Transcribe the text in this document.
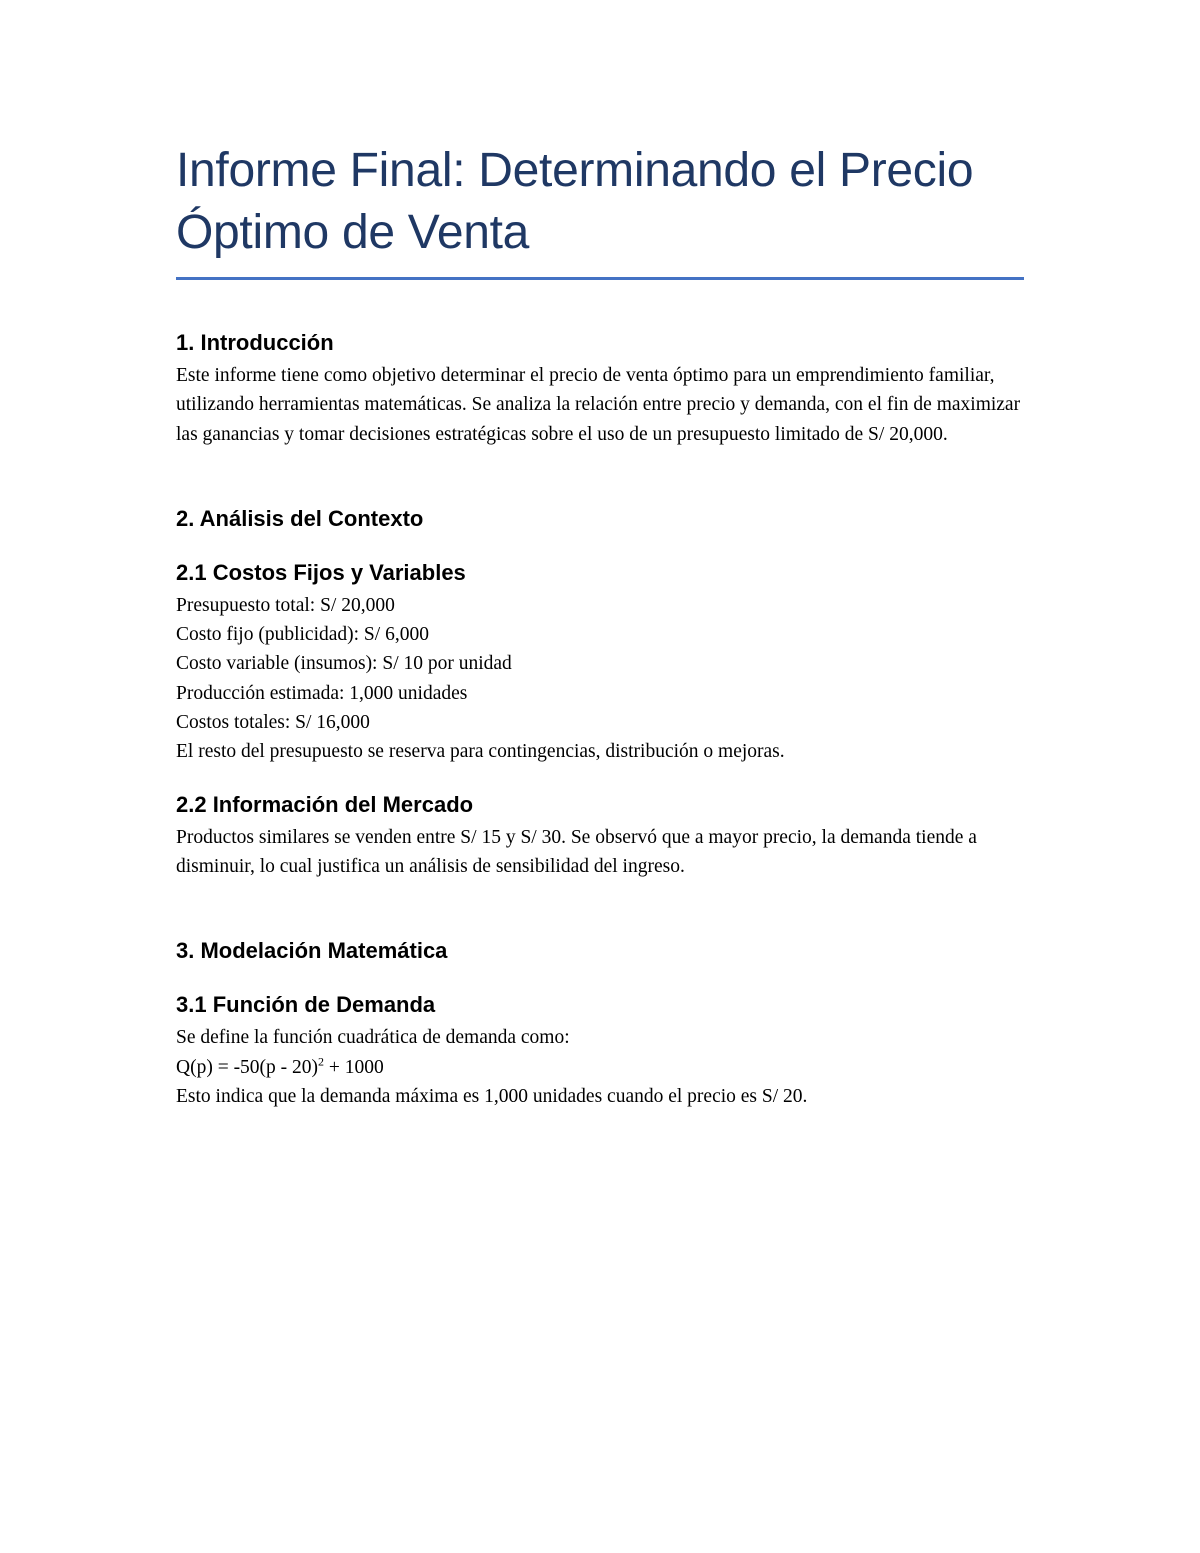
Informe Final: Determinando el Precio Óptimo de Venta
1. Introducción

Este informe tiene como objetivo determinar el precio de venta óptimo para un emprendimiento familiar, utilizando herramientas matemáticas. Se analiza la relación entre precio y demanda, con el fin de maximizar las ganancias y tomar decisiones estratégicas sobre el uso de un presupuesto limitado de S/ 20,000.

2. Análisis del Contexto
2.1 Costos Fijos y Variables
Presupuesto total: S/ 20,000
Costo fijo (publicidad): S/ 6,000
Costo variable (insumos): S/ 10 por unidad
Producción estimada: 1,000 unidades
Costos totales: S/ 16,000
El resto del presupuesto se reserva para contingencias, distribución o mejoras.
2.2 Información del Mercado

Productos similares se venden entre S/ 15 y S/ 30. Se observó que a mayor precio, la demanda tiende a disminuir, lo cual justifica un análisis de sensibilidad del ingreso.

3. Modelación Matemática
3.1 Función de Demanda
Se define la función cuadrática de demanda como:
Q(p) = -50(p - 20)$^2$ + 1000
Esto indica que la demanda máxima es 1,000 unidades cuando el precio es S/ 20.
